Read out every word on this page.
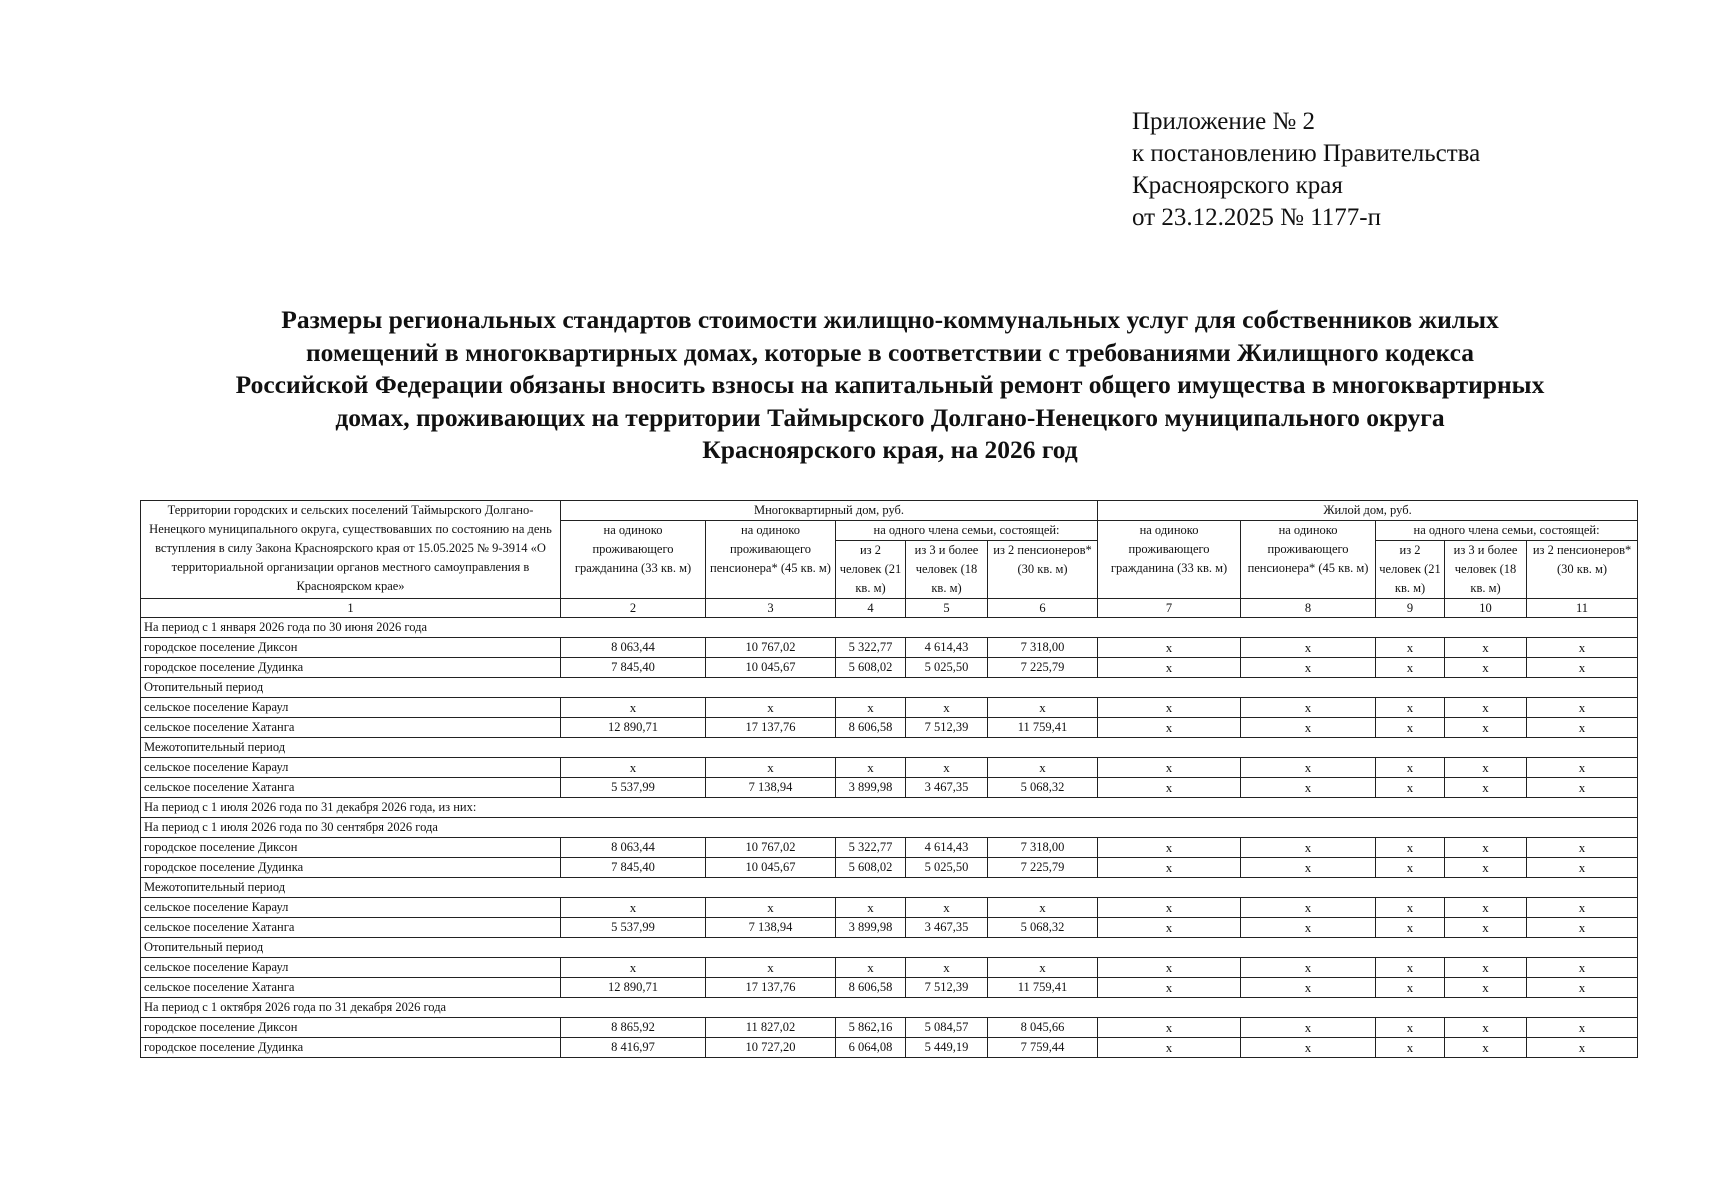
Приложение № 2
к постановлению Правительства
Красноярского края
от 23.12.2025 № 1177-п
Размеры региональных стандартов стоимости жилищно-коммунальных услуг для собственников жилых
помещений в многоквартирных домах, которые в соответствии с требованиями Жилищного кодекса
Российской Федерации обязаны вносить взносы на капитальный ремонт общего имущества в многоквартирных
домах, проживающих на территории Таймырского Долгано-Ненецкого муниципального округа
Красноярского края, на 2026 год
Территории городских и сельских поселений Таймырского Долгано-Ненецкого муниципального округа, существовавших по состоянию на день вступления в силу Закона Красноярского края от 15.05.2025 № 9-3914 «О территориальной организации органов местного самоуправления в Красноярском крае»	Многоквартирный дом, руб.					Жилой дом, руб.				
	на одиноко проживающего гражданина (33 кв. м)	на одиноко проживающего пенсионера* (45 кв. м)	на одного члена семьи, состоящей:			на одиноко проживающего гражданина (33 кв. м)	на одиноко проживающего пенсионера* (45 кв. м)	на одного члена семьи, состоящей:		
			из 2 человек (21 кв. м)	из 3 и более человек (18 кв. м)	из 2 пенсионеров* (30 кв. м)			из 2 человек (21 кв. м)	из 3 и более человек (18 кв. м)	из 2 пенсионеров* (30 кв. м)
1	2	3	4	5	6	7	8	9	10	11
На период с 1 января 2026 года по 30 июня 2026 года										
городское поселение Диксон	8 063,44	10 767,02	5 322,77	4 614,43	7 318,00	x	x	x	x	x
городское поселение Дудинка	7 845,40	10 045,67	5 608,02	5 025,50	7 225,79	x	x	x	x	x
Отопительный период										
сельское поселение Караул	x	x	x	x	x	x	x	x	x	x
сельское поселение Хатанга	12 890,71	17 137,76	8 606,58	7 512,39	11 759,41	x	x	x	x	x
Межотопительный период										
сельское поселение Караул	x	x	x	x	x	x	x	x	x	x
сельское поселение Хатанга	5 537,99	7 138,94	3 899,98	3 467,35	5 068,32	x	x	x	x	x
На период с 1 июля 2026 года по 31 декабря 2026 года, из них:										
На период с 1 июля 2026 года по 30 сентября 2026 года										
городское поселение Диксон	8 063,44	10 767,02	5 322,77	4 614,43	7 318,00	x	x	x	x	x
городское поселение Дудинка	7 845,40	10 045,67	5 608,02	5 025,50	7 225,79	x	x	x	x	x
Межотопительный период										
сельское поселение Караул	x	x	x	x	x	x	x	x	x	x
сельское поселение Хатанга	5 537,99	7 138,94	3 899,98	3 467,35	5 068,32	x	x	x	x	x
Отопительный период										
сельское поселение Караул	x	x	x	x	x	x	x	x	x	x
сельское поселение Хатанга	12 890,71	17 137,76	8 606,58	7 512,39	11 759,41	x	x	x	x	x
На период с 1 октября 2026 года по 31 декабря 2026 года										
городское поселение Диксон	8 865,92	11 827,02	5 862,16	5 084,57	8 045,66	x	x	x	x	x
городское поселение Дудинка	8 416,97	10 727,20	6 064,08	5 449,19	7 759,44	x	x	x	x	x
